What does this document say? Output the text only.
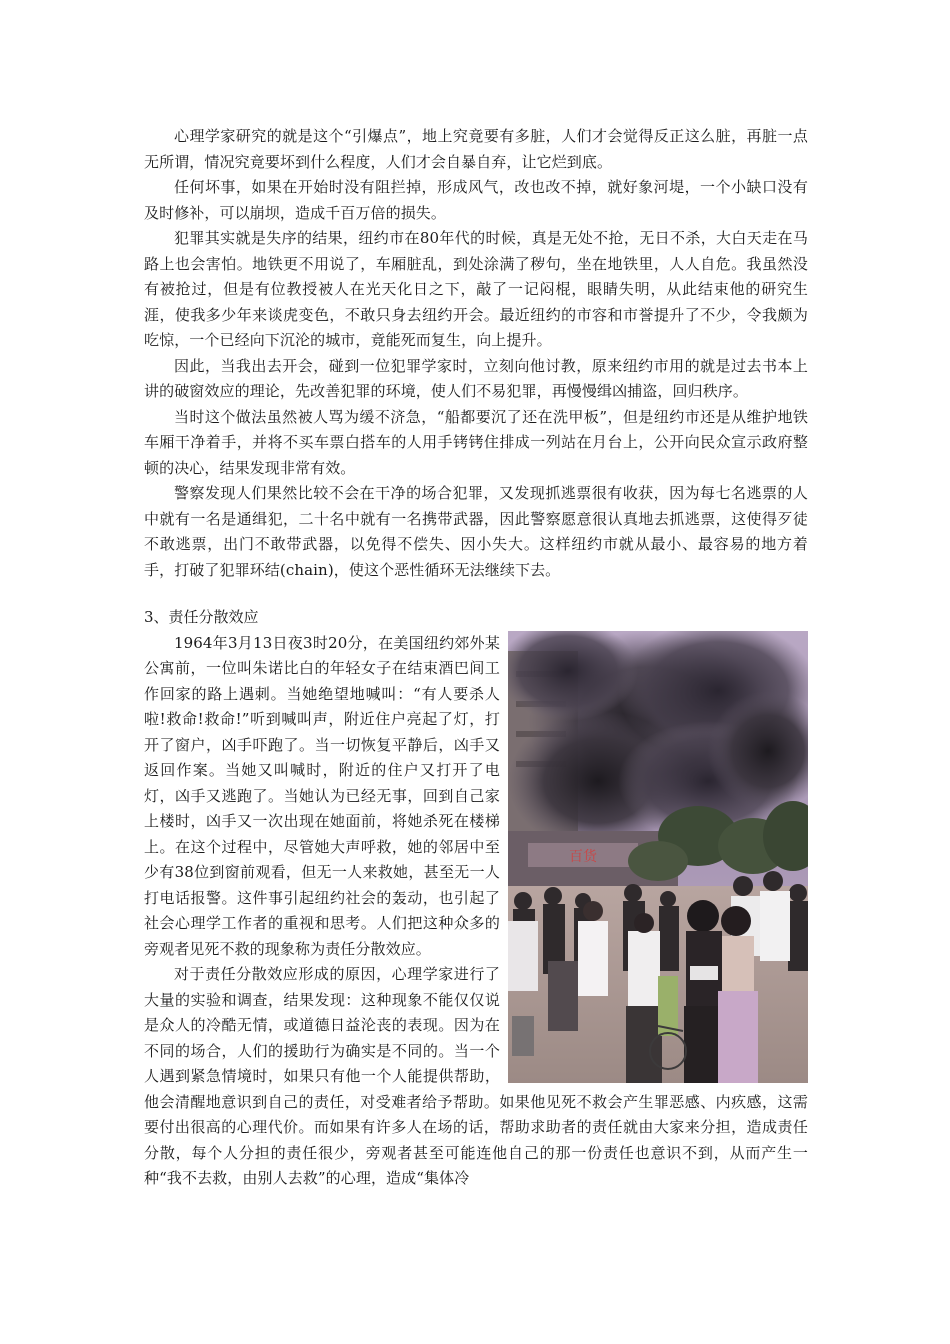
心理学家研究的就是这个“引爆点”，地上究竟要有多脏，人们才会觉得反正这么脏，再脏一点无所谓，情况究竟要坏到什么程度，人们才会自暴自弃，让它烂到底。

任何坏事，如果在开始时没有阻拦掉，形成风气，改也改不掉，就好象河堤，一个小缺口没有及时修补，可以崩坝，造成千百万倍的损失。

犯罪其实就是失序的结果，纽约市在80年代的时候，真是无处不抢，无日不杀，大白天走在马路上也会害怕。地铁更不用说了，车厢脏乱，到处涂满了秽句，坐在地铁里，人人自危。我虽然没有被抢过，但是有位教授被人在光天化日之下，敲了一记闷棍，眼睛失明，从此结束他的研究生涯，使我多少年来谈虎变色，不敢只身去纽约开会。最近纽约的市容和市誉提升了不少，令我颇为吃惊，一个已经向下沉沦的城市，竟能死而复生，向上提升。

因此，当我出去开会，碰到一位犯罪学家时，立刻向他讨教，原来纽约市用的就是过去书本上讲的破窗效应的理论，先改善犯罪的环境，使人们不易犯罪，再慢慢缉凶捕盗，回归秩序。

当时这个做法虽然被人骂为缓不济急，“船都要沉了还在洗甲板”，但是纽约市还是从维护地铁车厢干净着手，并将不买车票白搭车的人用手铐铐住排成一列站在月台上，公开向民众宣示政府整顿的决心，结果发现非常有效。

警察发现人们果然比较不会在干净的场合犯罪，又发现抓逃票很有收获，因为每七名逃票的人中就有一名是通缉犯，二十名中就有一名携带武器，因此警察愿意很认真地去抓逃票，这使得歹徒不敢逃票，出门不敢带武器，以免得不偿失、因小失大。这样纽约市就从最小、最容易的地方着手，打破了犯罪环结(chain)，使这个恶性循环无法继续下去。

3、责任分散效应
百货

1964年3月13日夜3时20分，在美国纽约郊外某公寓前，一位叫朱诺比白的年轻女子在结束酒巴间工作回家的路上遇刺。当她绝望地喊叫：“有人要杀人啦!救命!救命!”听到喊叫声，附近住户亮起了灯，打开了窗户，凶手吓跑了。当一切恢复平静后，凶手又返回作案。当她又叫喊时，附近的住户又打开了电灯，凶手又逃跑了。当她认为已经无事，回到自己家上楼时，凶手又一次出现在她面前，将她杀死在楼梯上。在这个过程中，尽管她大声呼救，她的邻居中至少有38位到窗前观看，但无一人来救她，甚至无一人打电话报警。这件事引起纽约社会的轰动，也引起了社会心理学工作者的重视和思考。人们把这种众多的旁观者见死不救的现象称为责任分散效应。

对于责任分散效应形成的原因，心理学家进行了大量的实验和调查，结果发现：这种现象不能仅仅说是众人的冷酷无情，或道德日益沦丧的表现。因为在不同的场合，人们的援助行为确实是不同的。当一个人遇到紧急情境时，如果只有他一个人能提供帮助，他会清醒地意识到自己的责任，对受难者给予帮助。如果他见死不救会产生罪恶感、内疚感，这需要付出很高的心理代价。而如果有许多人在场的话，帮助求助者的责任就由大家来分担，造成责任分散，每个人分担的责任很少，旁观者甚至可能连他自己的那一份责任也意识不到，从而产生一种“我不去救，由别人去救”的心理，造成“集体冷
